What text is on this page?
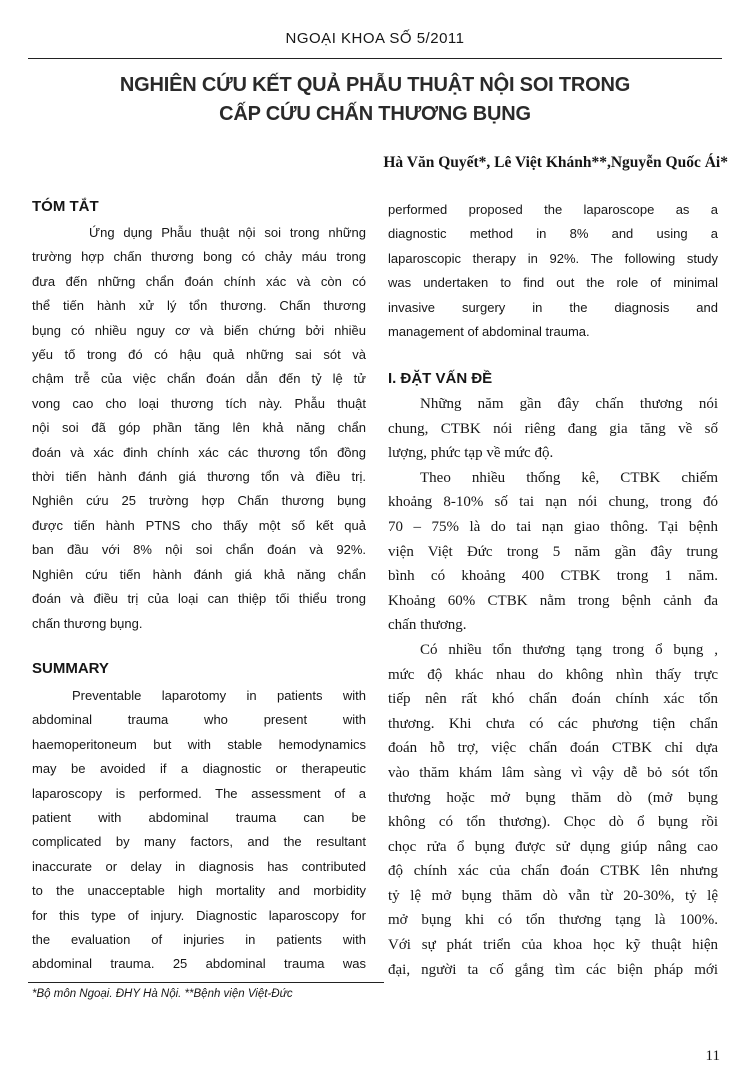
NGOẠI KHOA SỐ 5/2011
NGHIÊN CỨU KẾT QUẢ PHẪU THUẬT NỘI SOI TRONG
CẤP CỨU CHẤN THƯƠNG BỤNG
Hà Văn Quyết*, Lê Việt Khánh**,Nguyễn Quốc Ái*
TÓM TẮT
Ứng dụng Phẫu thuật nội soi trong những
trường hợp chấn thương bong có chảy máu trong
đưa đến những chẩn đoán chính xác và còn có
thể tiến hành xử lý tổn thương. Chấn thương
bụng có nhiều nguy cơ và biến chứng bởi nhiều
yếu tố trong đó có hậu quả những sai sót và
chậm trễ của việc chẩn đoán dẫn đến tỷ lệ tử
vong cao cho loại thương tích này. Phẫu thuật
nội soi đã góp phần tăng lên khả năng chẩn
đoán và xác đinh chính xác các thương tổn đồng
thời tiến hành đánh giá thương tổn và điều trị.
Nghiên cứu 25 trường hợp Chấn thương bụng
được tiến hành PTNS cho thấy một số kết quả
ban đầu với 8% nội soi chẩn đoán và 92%.
Nghiên cứu tiến hành đánh giá khả năng chẩn
đoán và điều trị của loại can thiệp tối thiểu trong
chấn thương bụng.
SUMMARY
Preventable laparotomy in patients with
abdominal trauma who present with
haemoperitoneum but with stable hemodynamics
may be avoided if a diagnostic or therapeutic
laparoscopy is performed. The assessment of a
patient with abdominal trauma can be
complicated by many factors, and the resultant
inaccurate or delay in diagnosis has contributed
to the unacceptable high mortality and morbidity
for this type of injury. Diagnostic laparoscopy for
the evaluation of injuries in patients with
abdominal trauma. 25 abdominal trauma was
performed proposed the laparoscope as a
diagnostic method in 8% and using a
laparoscopic therapy in 92%. The following study
was undertaken to find out the role of minimal
invasive surgery in the diagnosis and
management of abdominal trauma.
I. ĐẶT VẤN ĐỀ
Những năm gần đây chấn thương nói
chung, CTBK nói riêng đang gia tăng về số
lượng, phức tạp về mức độ.
Theo nhiều thống kê, CTBK chiếm
khoảng 8-10% số tai nạn nói chung, trong đó
70 – 75% là do tai nạn giao thông. Tại bệnh
viện Việt Đức trong 5 năm gần đây trung
bình có khoảng 400 CTBK trong 1 năm.
Khoảng 60% CTBK nằm trong bệnh cảnh đa
chấn thương.
Có nhiều tổn thương tạng trong ổ bụng ,
mức độ khác nhau do không nhìn thấy trực
tiếp nên rất khó chẩn đoán chính xác tổn
thương. Khi chưa có các phương tiện chẩn
đoán hỗ trợ, việc chẩn đoán CTBK chỉ dựa
vào thăm khám lâm sàng vì vậy dễ bỏ sót tổn
thương hoặc mở bụng thăm dò (mở bụng
không có tổn thương). Chọc dò ổ bụng rồi
chọc rửa ổ bụng được sử dụng giúp nâng cao
độ chính xác của chẩn đoán CTBK lên nhưng
tỷ lệ mở bụng thăm dò vẫn từ 20-30%, tỷ lệ
mở bụng khi có tổn thương tạng là 100%.
Với sự phát triển của khoa học kỹ thuật hiện
đại, người ta cố gắng tìm các biện pháp mới
*Bộ môn Ngoại. ĐHY Hà Nội. **Bệnh viện Việt-Đức
11
